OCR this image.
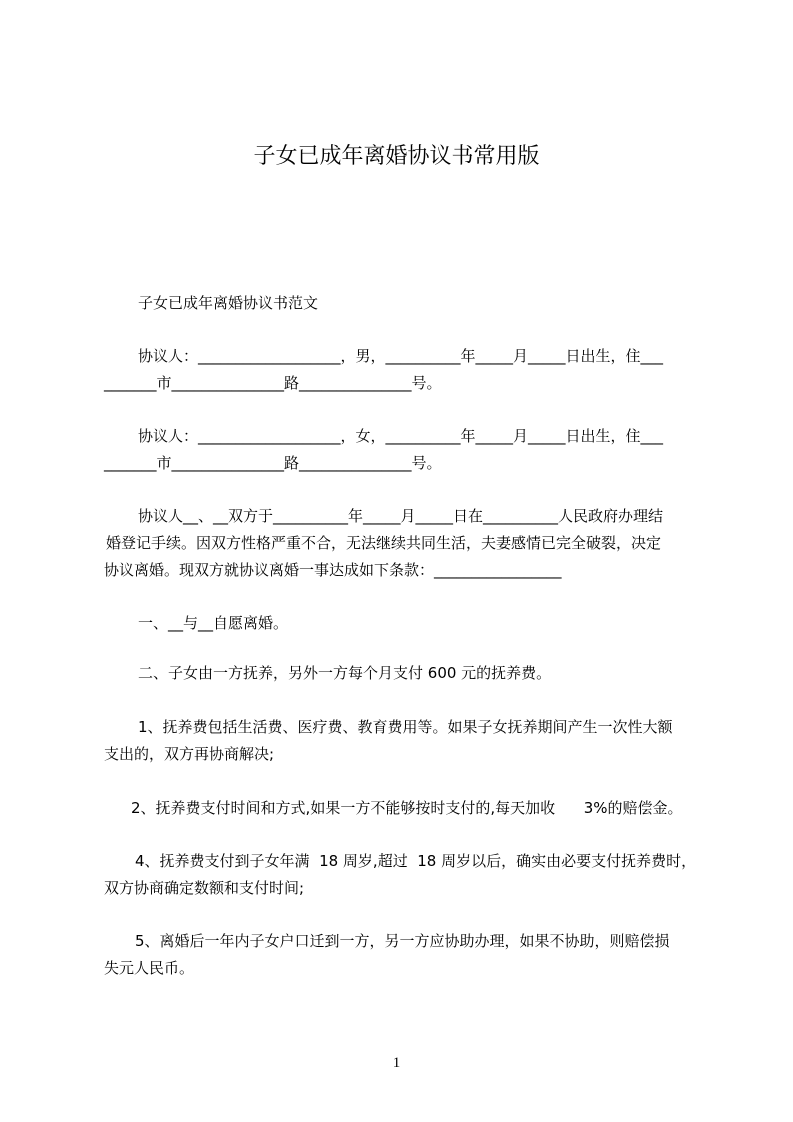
子女已成年离婚协议书常用版
子女已成年离婚协议书范文
协议人：___________________，男，__________年_____月_____日出生，住___
_______市_______________路_______________号。
协议人：___________________，女，__________年_____月_____日出生，住___
_______市_______________路_______________号。
协议人__、__双方于__________年_____月_____日在__________人民政府办理结
婚登记手续。因双方性格严重不合，无法继续共同生活，夫妻感情已完全破裂，决定
协议离婚。现双方就协议离婚一事达成如下条款：_________________
一、__与__自愿离婚。
二、子女由一方抚养，另外一方每个月支付 600 元的抚养费。
1、抚养费包括生活费、医疗费、教育费用等。如果子女抚养期间产生一次性大额
支出的，双方再协商解决;
2、抚养费支付时间和方式,如果一方不能够按时支付的,每天加收      3%的赔偿金。
4、抚养费支付到子女年满  18 周岁,超过  18 周岁以后，确实由必要支付抚养费时，
双方协商确定数额和支付时间;
5、离婚后一年内子女户口迁到一方，另一方应协助办理，如果不协助，则赔偿损
失元人民币。
1
